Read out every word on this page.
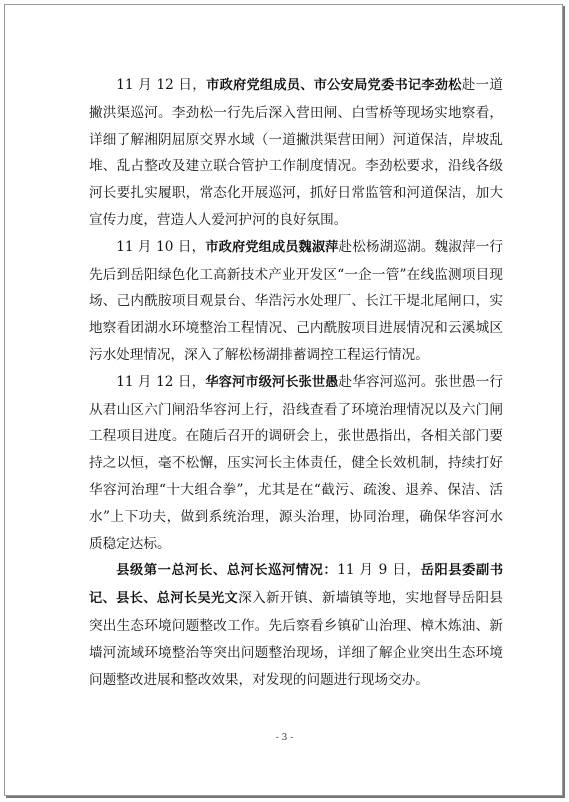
11 月 12 日，市政府党组成员、市公安局党委书记李劲松赴一道撇洪渠巡河。李劲松一行先后深入营田闸、白雪桥等现场实地察看，详细了解湘阴屈原交界水域（一道撇洪渠营田闸）河道保洁，岸坡乱堆、乱占整改及建立联合管护工作制度情况。李劲松要求，沿线各级河长要扎实履职，常态化开展巡河，抓好日常监管和河道保洁，加大宣传力度，营造人人爱河护河的良好氛围。

11 月 10 日，市政府党组成员魏淑萍赴松杨湖巡湖。魏淑萍一行先后到岳阳绿色化工高新技术产业开发区“一企一管”在线监测项目现场、己内酰胺项目观景台、华浩污水处理厂、长江干堤北尾闸口，实地察看团湖水环境整治工程情况、己内酰胺项目进展情况和云溪城区污水处理情况，深入了解松杨湖排蓄调控工程运行情况。

11 月 12 日，华容河市级河长张世愚赴华容河巡河。张世愚一行从君山区六门闸沿华容河上行，沿线查看了环境治理情况以及六门闸工程项目进度。在随后召开的调研会上，张世愚指出，各相关部门要持之以恒，毫不松懈，压实河长主体责任，健全长效机制，持续打好华容河治理“十大组合拳”，尤其是在“截污、疏浚、退养、保洁、活水”上下功夫，做到系统治理，源头治理，协同治理，确保华容河水质稳定达标。

县级第一总河长、总河长巡河情况：11 月 9 日，岳阳县委副书记、县长、总河长吴光文深入新开镇、新墙镇等地，实地督导岳阳县突出生态环境问题整改工作。先后察看乡镇矿山治理、樟木炼油、新墙河流域环境整治等突出问题整治现场，详细了解企业突出生态环境问题整改进展和整改效果，对发现的问题进行现场交办。

- 3 -
